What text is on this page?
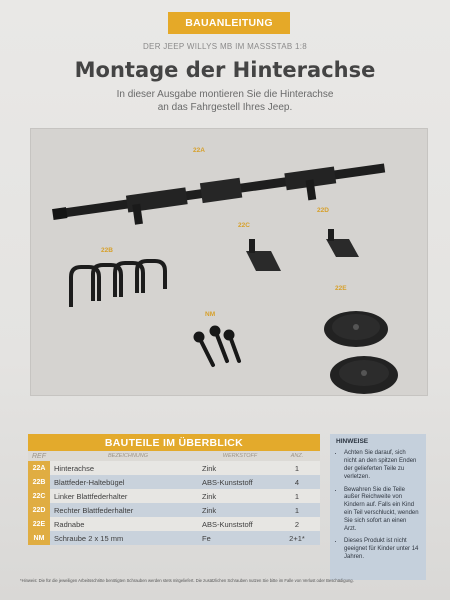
BAUANLEITUNG
DER JEEP WILLYS MB IM MASSSTAB 1:8
Montage der Hinterachse
In dieser Ausgabe montieren Sie die Hinterachse
an das Fahrgestell Ihres Jeep.
22A
22B
22C
22D
22E
NM
BAUTEILE IM ÜBERBLICK
REF	BEZEICHNUNG	WERKSTOFF	ANZ.
22A	Hinterachse	Zink	1
22B	Blattfeder-Haltebügel	ABS-Kunststoff	4
22C	Linker Blattfederhalter	Zink	1
22D	Rechter Blattfederhalter	Zink	1
22E	Radnabe	ABS-Kunststoff	2
NM	Schraube 2 x 15 mm	Fe	2+1*
HINWEISE
• Achten Sie darauf, sich nicht an den spitzen Enden der gelieferten Teile zu verletzen.
• Bewahren Sie die Teile außer Reichweite von Kindern auf. Falls ein Kind ein Teil verschluckt, wenden Sie sich sofort an einen Arzt.
• Dieses Produkt ist nicht geeignet für Kinder unter 14 Jahren.
*Hinweis: Die für die jeweiligen Arbeitsschritte benötigten Schrauben werden stets mitgeliefert. Die zusätzlichen Schrauben nutzen Sie bitte im Falle von Verlust oder Beschädigung.
